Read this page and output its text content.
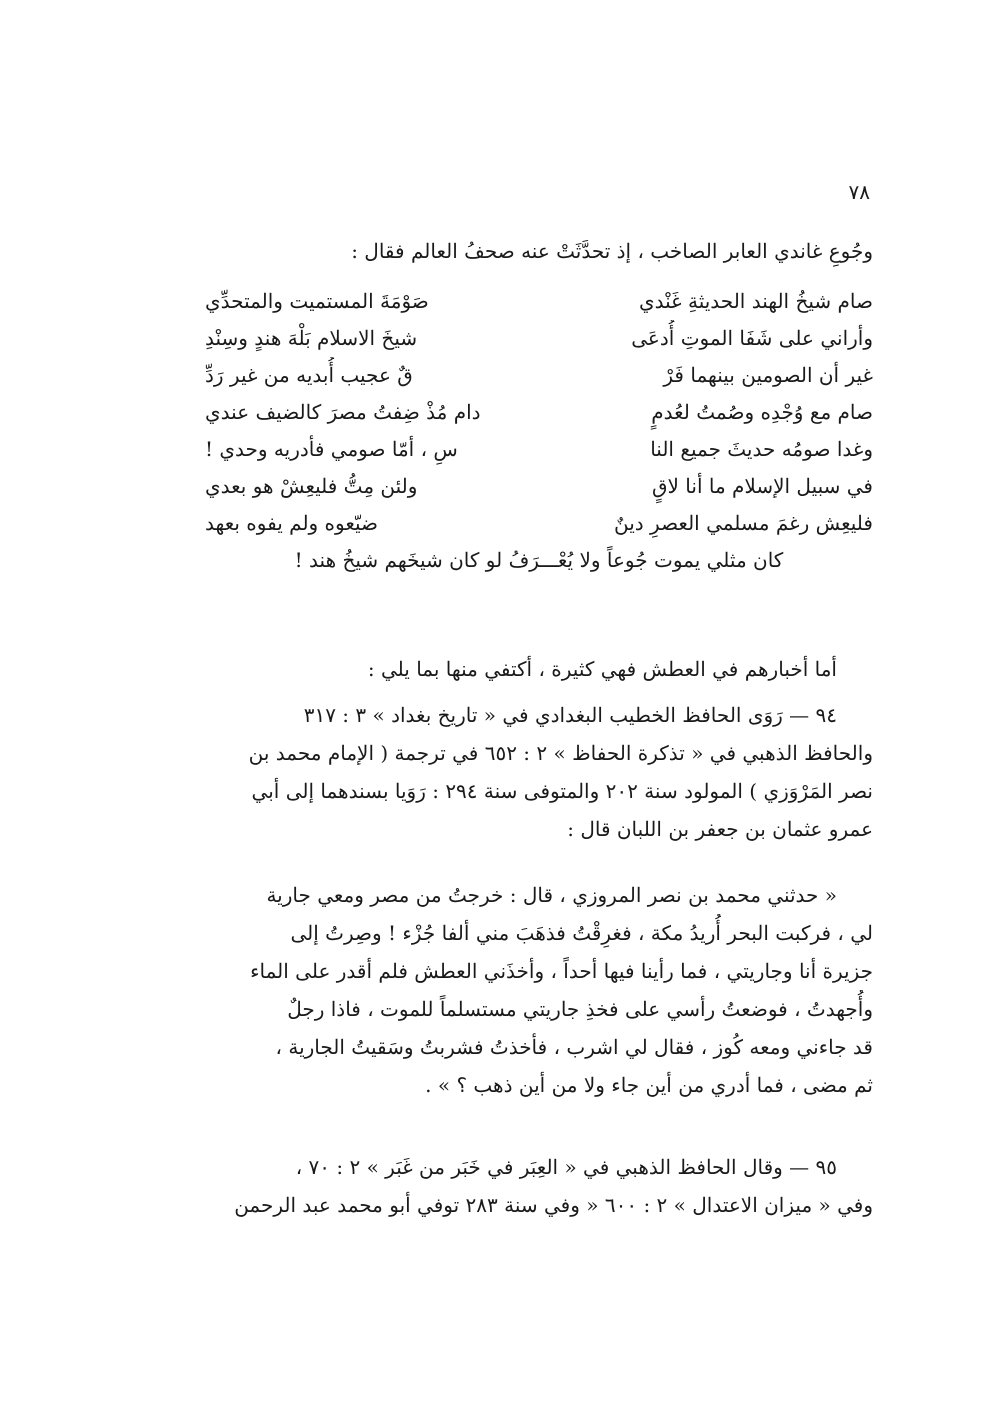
٧٨
وجُوعِ غاندي العابر الصاخب ، إذ تحدَّثَتْ عنه صحفُ العالم فقال :
صام شيخُ الهند الحديثةِ غَنْدي
صَوْمَةَ المستميت والمتحدِّي
وأراني على شَفَا الموتِ أُدعَى
شيخَ الاسلام بَلْهَ هندٍ وسِنْدِ
غير أن الصومين بينهما فَرْ
قٌ عجيب أُبديه من غير رَدِّ
صام مع وُجْدِه وصُمتُ لعُدمٍ
دام مُذْ ضِفتُ مصرَ كالضيف عندي
وغدا صومُه حديثَ جميع النا
سِ ، أمّا صومي فأدريه وحدي !
في سبيل الإسلام ما أنا لاقٍ
ولئن مِتُّ فليعِشْ هو بعدي
فليعِش رغمَ مسلمي العصرِ دينٌ
ضيّعوه ولم يفوه بعهد
كان مثلي يموت جُوعاً ولا يُعْـــرَفُ لو كان شيخَهم شيخُ هند !
أما أخبارهم في العطش فهي كثيرة ، أكتفي منها بما يلي :
٩٤ — رَوَى الحافظ الخطيب البغدادي في « تاريخ بغداد » ٣ : ٣١٧
والحافظ الذهبي في « تذكرة الحفاظ » ٢ : ٦٥٢ في ترجمة ( الإمام محمد بن
نصر المَرْوَزي ) المولود سنة ٢٠٢ والمتوفى سنة ٢٩٤ : رَوَيا بسندهما إلى أبي
عمرو عثمان بن جعفر بن اللبان قال :
« حدثني محمد بن نصر المروزي ، قال : خرجتُ من مصر ومعي جارية
لي ، فركبت البحر أُريدُ مكة ، فغرِقْتُ فذهَبَ مني ألفا جُزْء ! وصِرتُ إلى
جزيرة أنا وجاريتي ، فما رأينا فيها أحداً ، وأخذَني العطش فلم أقدر على الماء
وأُجهدتُ ، فوضعتُ رأسي على فخذِ جاريتي مستسلماً للموت ، فاذا رجلٌ
قد جاءني ومعه كُوز ، فقال لي اشرب ، فأخذتُ فشربتُ وسَقيتُ الجارية ،
ثم مضى ، فما أدري من أين جاء ولا من أين ذهب ؟ » .
٩٥ — وقال الحافظ الذهبي في « العِبَر في خَبَر من غَبَر » ٢ : ٧٠ ،
وفي « ميزان الاعتدال » ٢ : ٦٠٠ « وفي سنة ٢٨٣ توفي أبو محمد عبد الرحمن
